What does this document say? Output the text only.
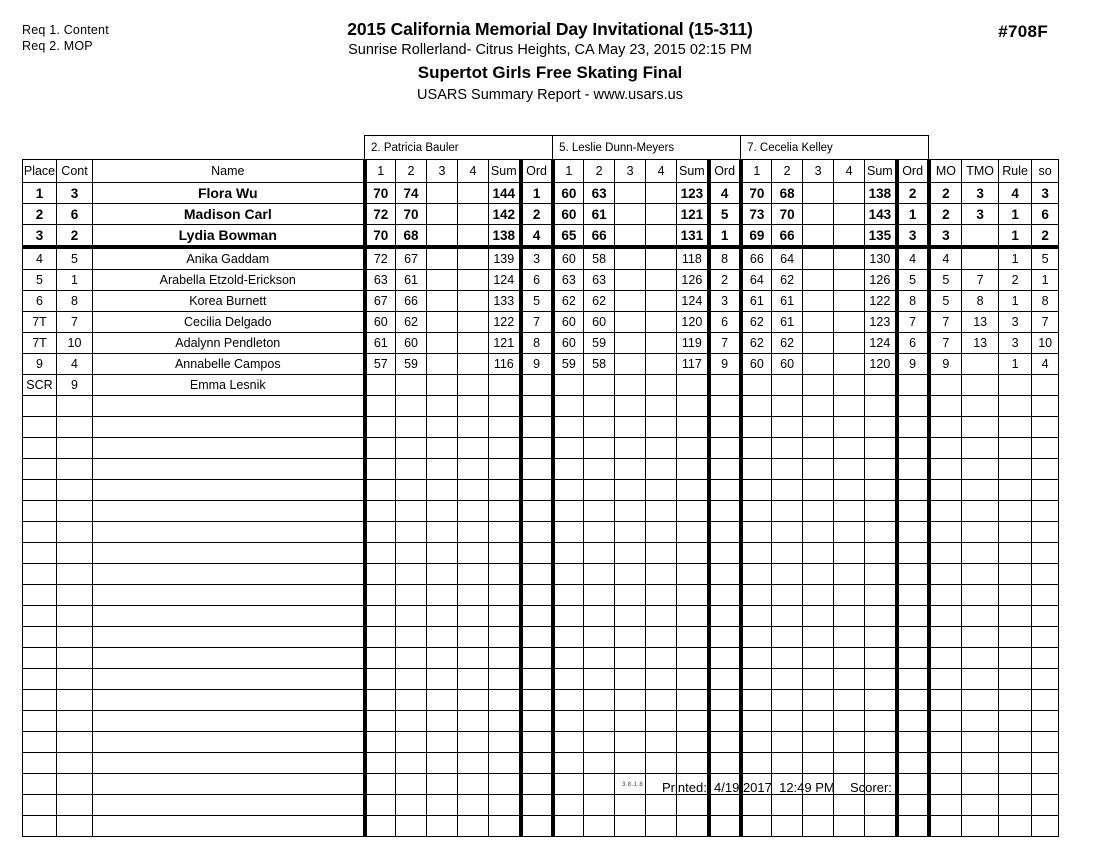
Req 1. Content
Req 2. MOP
#708F
2015 California Memorial Day Invitational (15-311)
Sunrise Rollerland- Citrus Heights, CA May 23, 2015 02:15 PM
Supertot Girls Free Skating Final
USARS Summary Report - www.usars.us
			2. Patricia Bauler						5. Leslie Dunn-Meyers						7. Cecelia Kelley									
Place	Cont	Name	1	2	3	4	Sum	Ord	1	2	3	4	Sum	Ord	1	2	3	4	Sum	Ord	MO	TMO	Rule	so
1	3	Flora Wu	70	74			144	1	60	63			123	4	70	68			138	2	2	3	4	3
2	6	Madison Carl	72	70			142	2	60	61			121	5	73	70			143	1	2	3	1	6
3	2	Lydia Bowman	70	68			138	4	65	66			131	1	69	66			135	3	3		1	2
4	5	Anika Gaddam	72	67			139	3	60	58			118	8	66	64			130	4	4		1	5
5	1	Arabella Etzold-Erickson	63	61			124	6	63	63			126	2	64	62			126	5	5	7	2	1
6	8	Korea Burnett	67	66			133	5	62	62			124	3	61	61			122	8	5	8	1	8
7T	7	Cecilia Delgado	60	62			122	7	60	60			120	6	62	61			123	7	7	13	3	7
7T	10	Adalynn Pendleton	61	60			121	8	60	59			119	7	62	62			124	6	7	13	3	10
9	4	Annabelle Campos	57	59			116	9	59	58			117	9	60	60			120	9	9		1	4
SCR	9	Emma Lesnik																						

3.8.1.8 Printed:  4/19/2017  12:49 PM Scorer:
